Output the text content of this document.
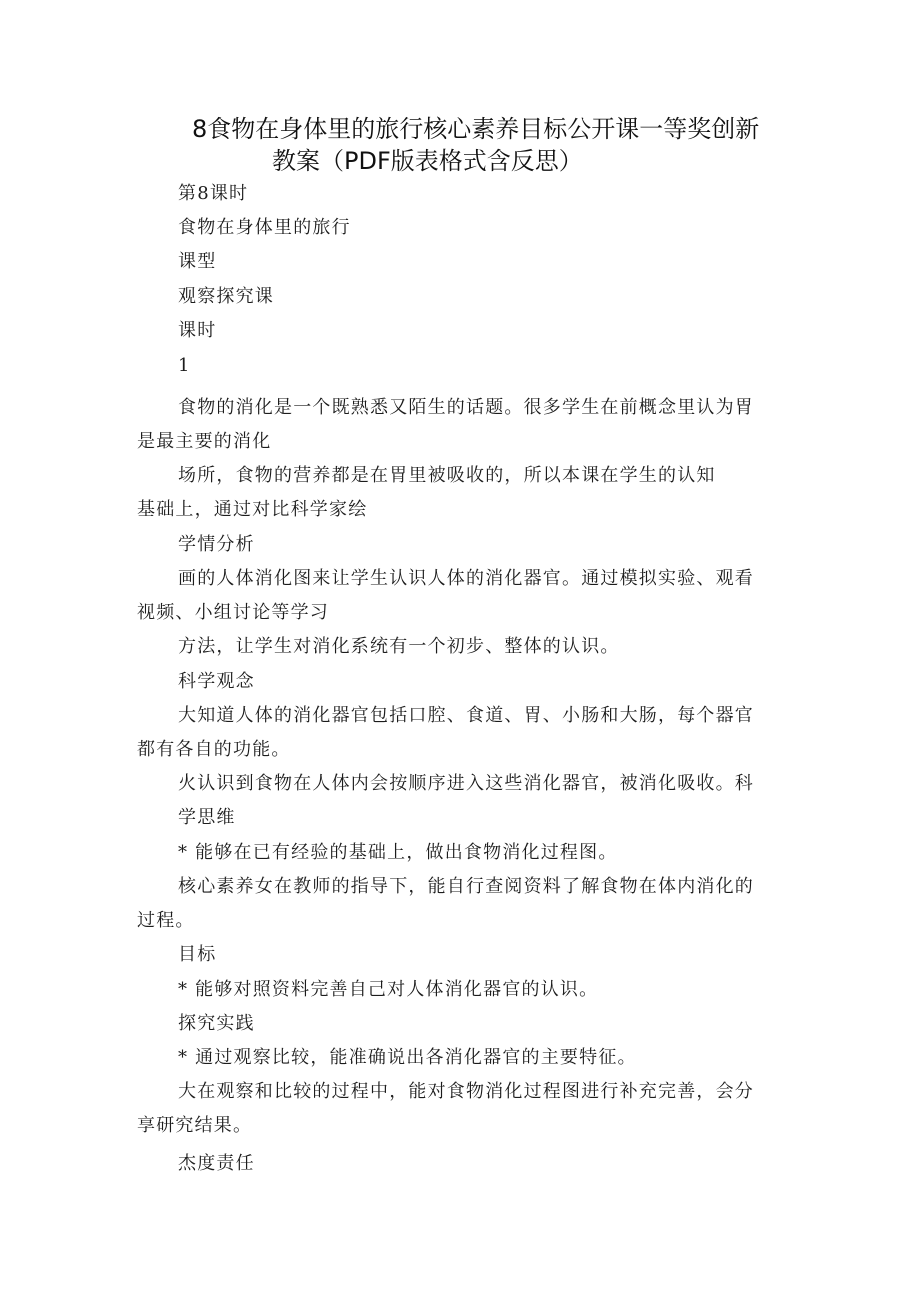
8食物在身体里的旅行核心素养目标公开课一等奖创新
教案（PDF版表格式含反思）
第8课时
食物在身体里的旅行
课型
观察探究课
课时
1
食物的消化是一个既熟悉又陌生的话题。很多学生在前概念里认为胃
是最主要的消化
场所，食物的营养都是在胃里被吸收的，所以本课在学生的认知
基础上，通过对比科学家绘
学情分析
画的人体消化图来让学生认识人体的消化器官。通过模拟实验、观看
视频、小组讨论等学习
方法，让学生对消化系统有一个初步、整体的认识。
科学观念
大知道人体的消化器官包括口腔、食道、胃、小肠和大肠，每个器官
都有各自的功能。
火认识到食物在人体内会按顺序进入这些消化器官，被消化吸收。科
学思维
* 能够在已有经验的基础上，做出食物消化过程图。
核心素养女在教师的指导下，能自行查阅资料了解食物在体内消化的
过程。
目标
* 能够对照资料完善自己对人体消化器官的认识。
探究实践
* 通过观察比较，能准确说出各消化器官的主要特征。
大在观察和比较的过程中，能对食物消化过程图进行补充完善，会分
享研究结果。
杰度责任
